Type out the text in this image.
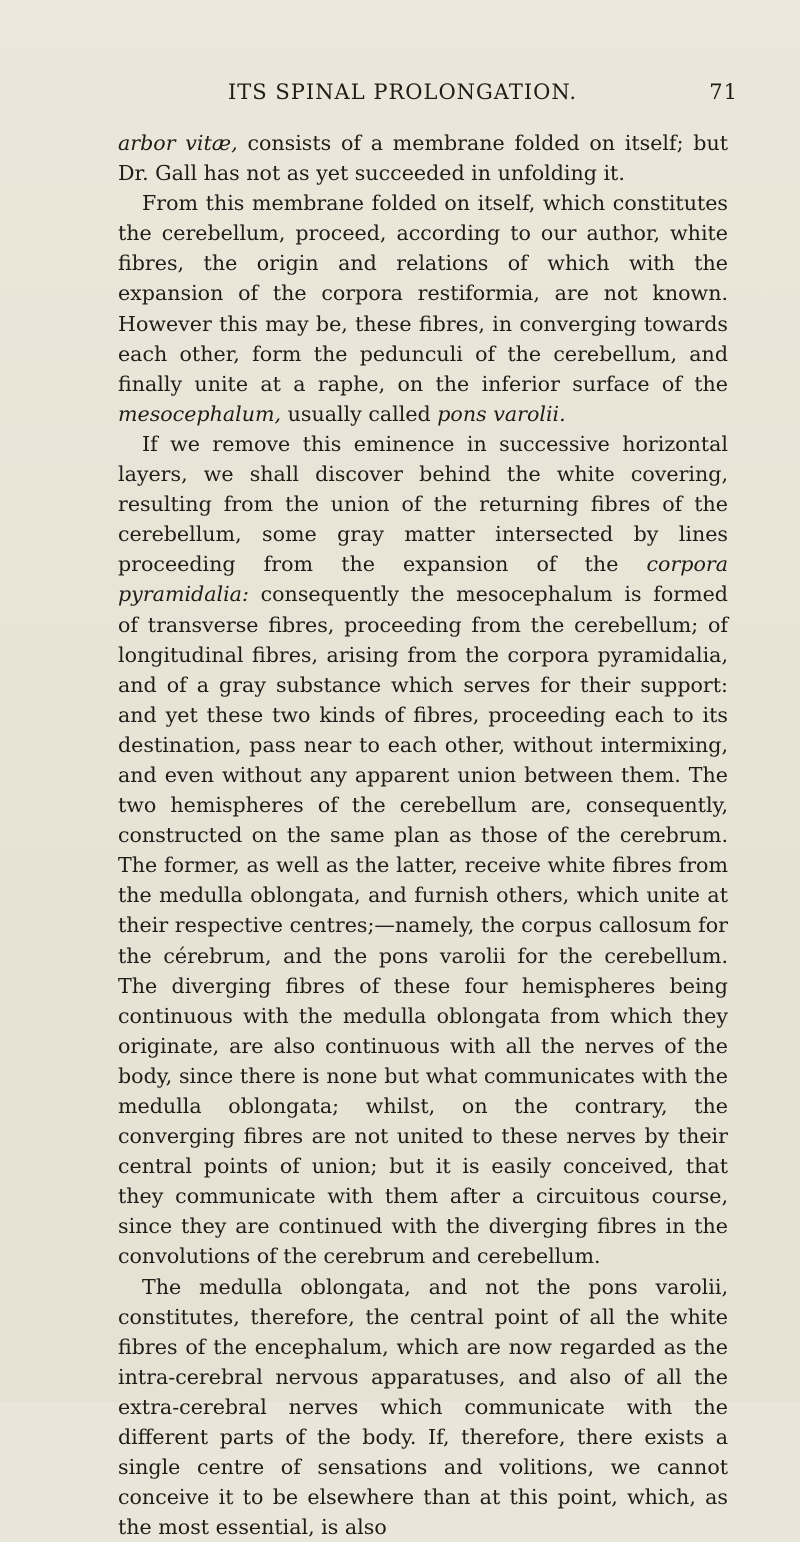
ITS SPINAL PROLONGATION.	71

arbor vitæ, consists of a membrane folded on itself; but Dr. Gall has not as yet succeeded in unfolding it.

From this membrane folded on itself, which constitutes the cerebellum, proceed, according to our author, white fibres, the origin and relations of which with the expansion of the corpora restiformia, are not known. However this may be, these fibres, in converging towards each other, form the pedunculi of the cerebellum, and finally unite at a raphe, on the inferior surface of the mesocephalum, usually called pons varolii.

If we remove this eminence in successive horizontal layers, we shall discover behind the white covering, resulting from the union of the returning fibres of the cerebellum, some gray matter intersected by lines proceeding from the expansion of the corpora pyramidalia: consequently the mesocephalum is formed of transverse fibres, proceeding from the cerebellum; of longitudinal fibres, arising from the corpora pyramidalia, and of a gray substance which serves for their support: and yet these two kinds of fibres, proceeding each to its destination, pass near to each other, without intermixing, and even without any apparent union between them. The two hemispheres of the cerebellum are, consequently, constructed on the same plan as those of the cerebrum. The former, as well as the latter, receive white fibres from the medulla oblongata, and furnish others, which unite at their respective centres;—namely, the corpus callosum for the cérebrum, and the pons varolii for the cerebellum. The diverging fibres of these four hemispheres being continuous with the medulla oblongata from which they originate, are also continuous with all the nerves of the body, since there is none but what communicates with the medulla oblongata; whilst, on the contrary, the converging fibres are not united to these nerves by their central points of union; but it is easily conceived, that they communicate with them after a circuitous course, since they are continued with the diverging fibres in the convolutions of the cerebrum and cerebellum.

The medulla oblongata, and not the pons varolii, constitutes, therefore, the central point of all the white fibres of the encephalum, which are now regarded as the intra-cerebral nervous apparatuses, and also of all the extra-cerebral nerves which communicate with the different parts of the body. If, therefore, there exists a single centre of sensations and volitions, we cannot conceive it to be elsewhere than at this point, which, as the most essential, is also
